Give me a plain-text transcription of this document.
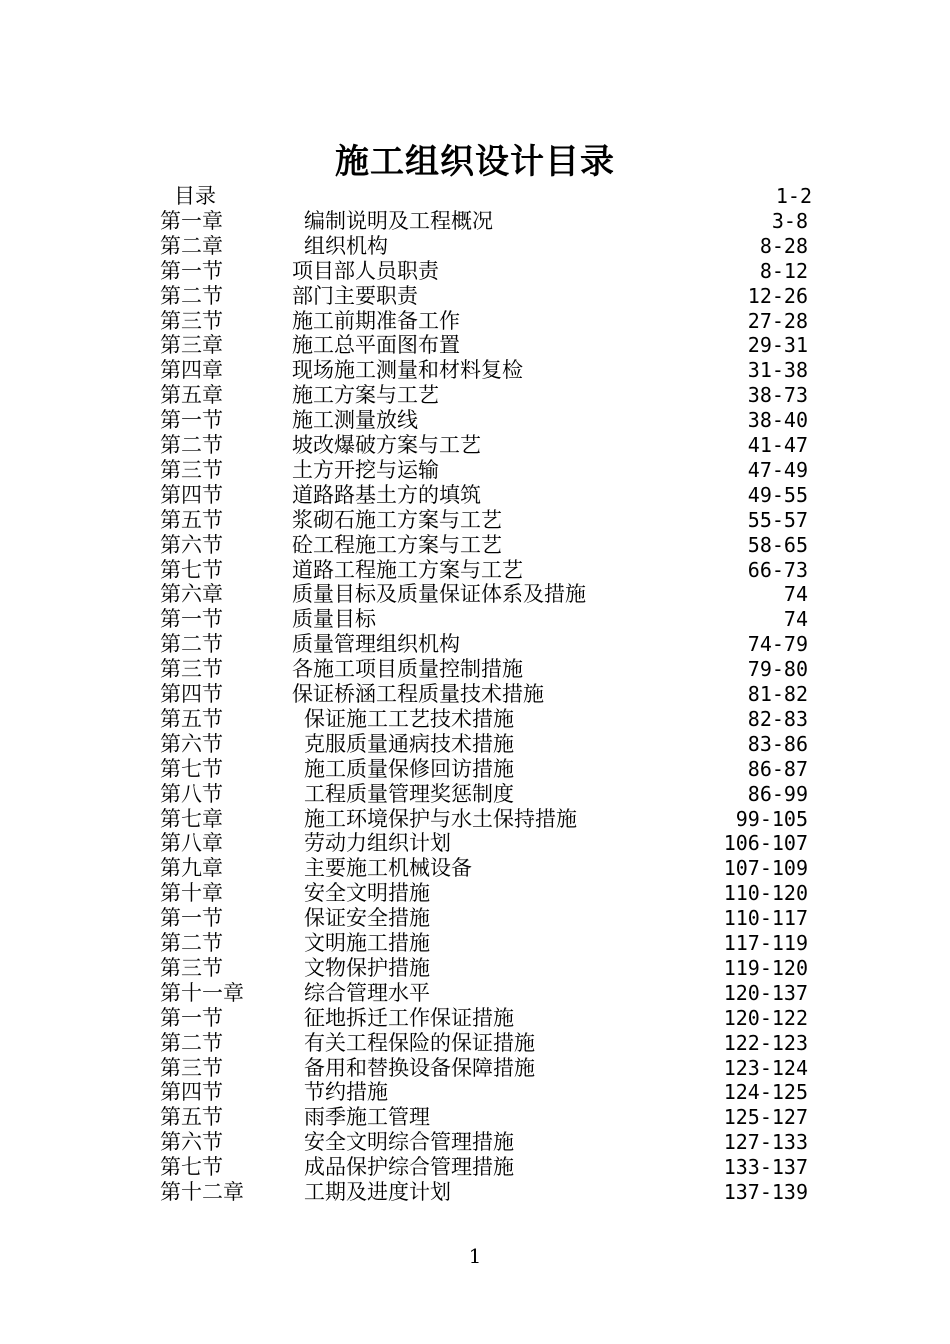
施工组织设计目录
目录	1-2
第一章	编制说明及工程概况	3-8
第二章	组织机构	8-28
第一节	项目部人员职责	8-12
第二节	部门主要职责	12-26
第三节	施工前期准备工作	27-28
第三章	施工总平面图布置	29-31
第四章	现场施工测量和材料复检	31-38
第五章	施工方案与工艺	38-73
第一节	施工测量放线	38-40
第二节	坡改爆破方案与工艺	41-47
第三节	土方开挖与运输	47-49
第四节	道路路基土方的填筑	49-55
第五节	浆砌石施工方案与工艺	55-57
第六节	砼工程施工方案与工艺	58-65
第七节	道路工程施工方案与工艺	66-73
第六章	质量目标及质量保证体系及措施	74
第一节	质量目标	74
第二节	质量管理组织机构	74-79
第三节	各施工项目质量控制措施	79-80
第四节	保证桥涵工程质量技术措施	81-82
第五节	保证施工工艺技术措施	82-83
第六节	克服质量通病技术措施	83-86
第七节	施工质量保修回访措施	86-87
第八节	工程质量管理奖惩制度	86-99
第七章	施工环境保护与水土保持措施	99-105
第八章	劳动力组织计划	106-107
第九章	主要施工机械设备	107-109
第十章	安全文明措施	110-120
第一节	保证安全措施	110-117
第二节	文明施工措施	117-119
第三节	文物保护措施	119-120
第十一章	综合管理水平	120-137
第一节	征地拆迁工作保证措施	120-122
第二节	有关工程保险的保证措施	122-123
第三节	备用和替换设备保障措施	123-124
第四节	节约措施	124-125
第五节	雨季施工管理	125-127
第六节	安全文明综合管理措施	127-133
第七节	成品保护综合管理措施	133-137
第十二章	工期及进度计划	137-139
1
